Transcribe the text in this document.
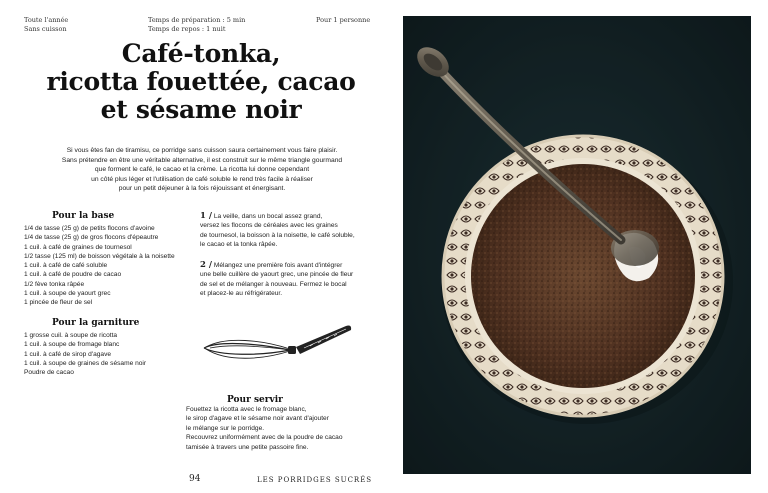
Toute l'année
Sans cuisson
Temps de préparation : 5 min
Temps de repos : 1 nuit
Pour 1 personne
Café-tonka,
ricotta fouettée, cacao
et sésame noir
Si vous êtes fan de tiramisu, ce porridge sans cuisson saura certainement vous faire plaisir.
Sans prétendre en être une véritable alternative, il est construit sur le même triangle gourmand
que forment le café, le cacao et la crème. La ricotta lui donne cependant
un côté plus léger et l'utilisation de café soluble le rend très facile à réaliser
pour un petit déjeuner à la fois réjouissant et énergisant.
Pour la base
1/4 de tasse (25 g) de petits flocons d'avoine
1/4 de tasse (25 g) de gros flocons d'épeautre
1 cuil. à café de graines de tournesol
1/2 tasse (125 ml) de boisson végétale à la noisette
1 cuil. à café de café soluble
1 cuil. à café de poudre de cacao
1/2 fève tonka râpée
1 cuil. à soupe de yaourt grec
1 pincée de fleur de sel
Pour la garniture
1 grosse cuil. à soupe de ricotta
1 cuil. à soupe de fromage blanc
1 cuil. à café de sirop d'agave
1 cuil. à soupe de graines de sésame noir
Poudre de cacao
1 / La veille, dans un bocal assez grand,
versez les flocons de céréales avec les graines
de tournesol, la boisson à la noisette, le café soluble,
le cacao et la tonka râpée.
2 / Mélangez une première fois avant d'intégrer
une belle cuillère de yaourt grec, une pincée de fleur
de sel et de mélanger à nouveau. Fermez le bocal
et placez-le au réfrigérateur.
Pour servir
Fouettez la ricotta avec le fromage blanc,
le sirop d'agave et le sésame noir avant d'ajouter
le mélange sur le porridge.
Recouvrez uniformément avec de la poudre de cacao
tamisée à travers une petite passoire fine.
94	LES PORRIDGES SUCRÉS
